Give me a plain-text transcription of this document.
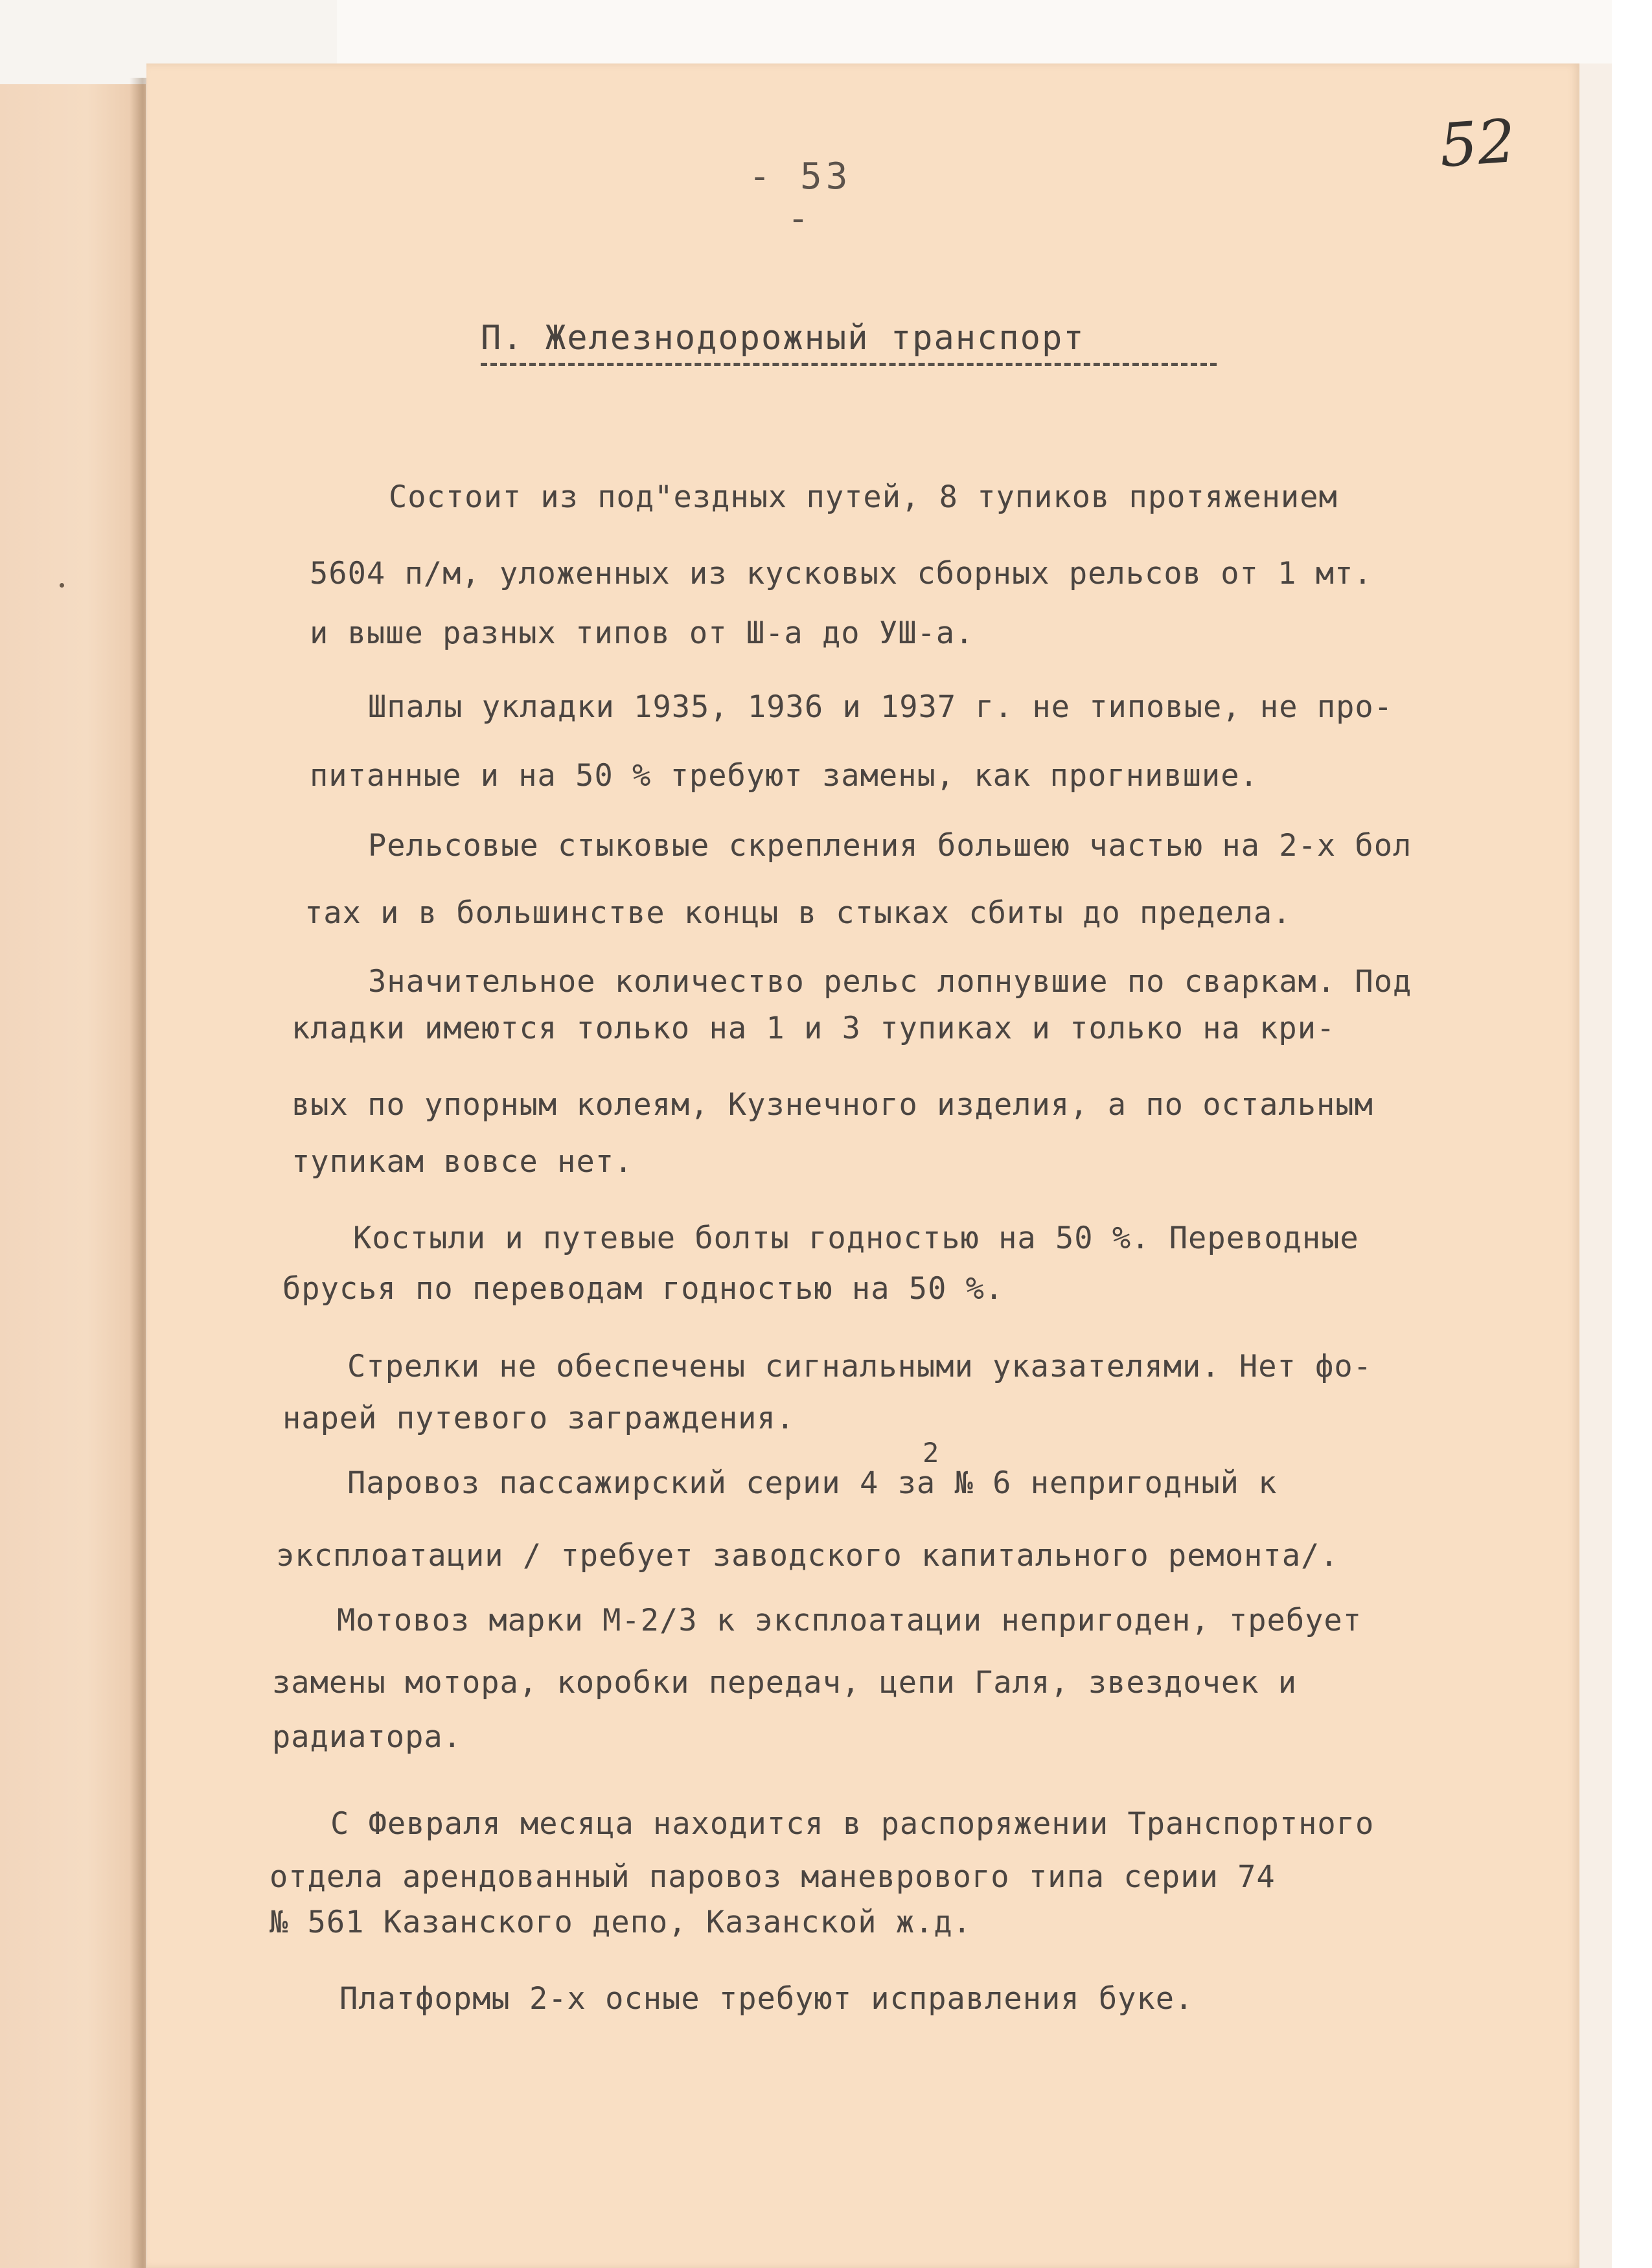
- 53 -
52
П. Железнодорожный транспорт
Состоит из под"ездных путей, 8 тупиков протяжением
5604 п/м, уложенных из кусковых сборных рельсов от 1 мт.
и выше разных типов от Ш-а до УШ-а.
Шпалы укладки 1935, 1936 и 1937 г. не типовые, не про-
питанные и на 50 % требуют замены, как прогнившие.
Рельсовые стыковые скрепления большею частью на 2-х бол
тах и в большинстве концы в стыках сбиты до предела.
Значительное количество рельс лопнувшие по сваркам. Под
кладки имеются только на 1 и 3 тупиках и только на кри-
вых по упорным колеям, Кузнечного изделия, а по остальным
тупикам вовсе нет.
Костыли и путевые болты годностью на 50 %. Переводные
брусья по переводам годностью на 50 %.
Стрелки не обеспечены сигнальными указателями. Нет фо-
нарей путевого заграждения.
Паровоз пассажирский серии 4 за № 6 непригодный к
2
эксплоатации / требует заводского капитального ремонта/.
Мотовоз марки М-2/3 к эксплоатации непригоден, требует
замены мотора, коробки передач, цепи Галя, звездочек и
радиатора.
С Февраля месяца находится в распоряжении Транспортного
отдела арендованный паровоз маневрового типа серии 74
№ 561 Казанского депо, Казанской ж.д.
Платформы 2-х осные требуют исправления буке.
